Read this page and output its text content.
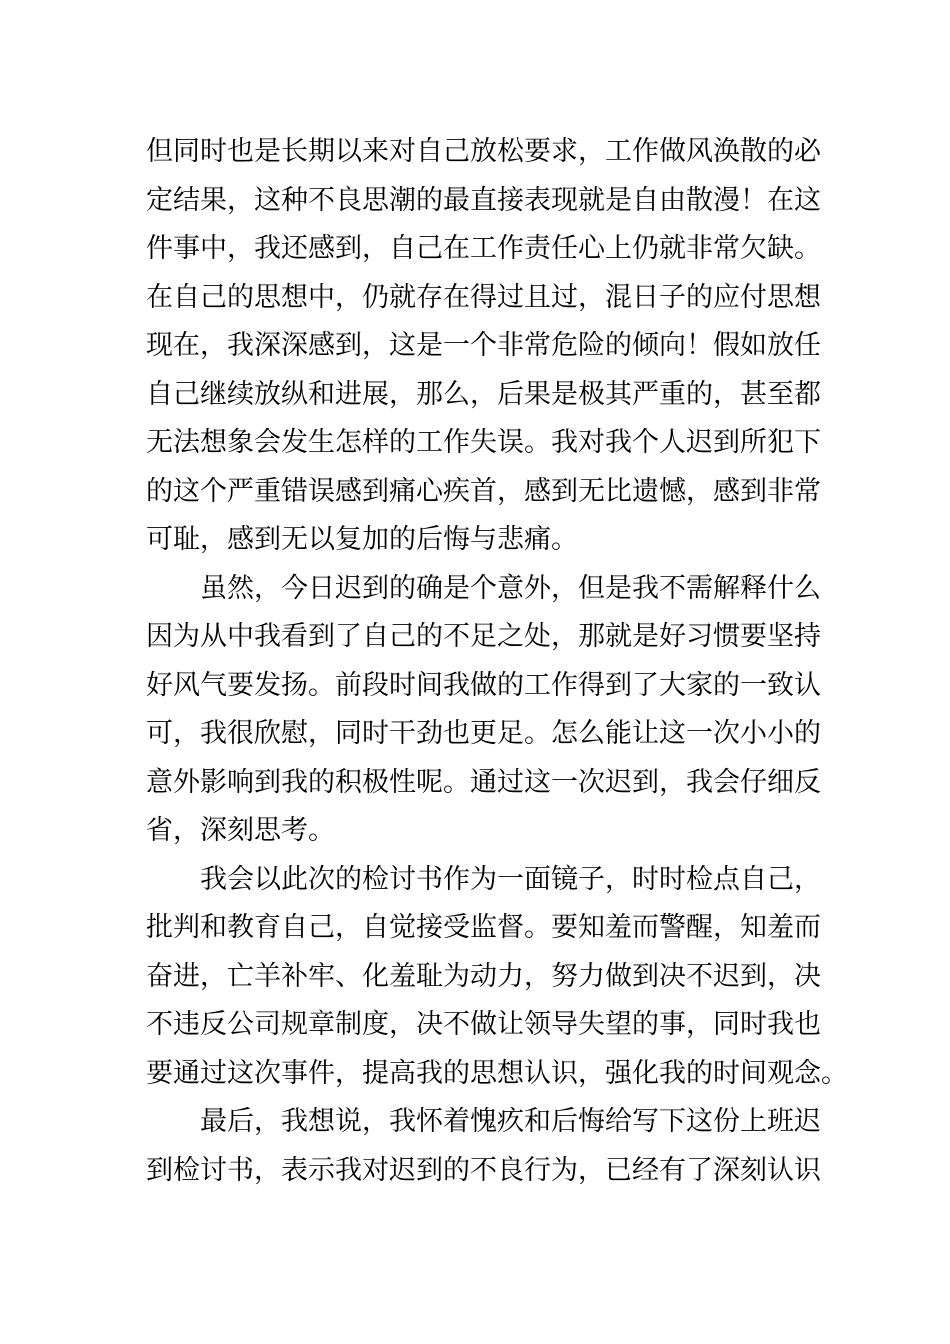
但同时也是长期以来对自己放松要求，工作做风涣散的必
定结果，这种不良思潮的最直接表现就是自由散漫！在这
件事中，我还感到，自己在工作责任心上仍就非常欠缺。
在自己的思想中，仍就存在得过且过，混日子的应付思想
现在，我深深感到，这是一个非常危险的倾向！假如放任
自己继续放纵和进展，那么，后果是极其严重的，甚至都
无法想象会发生怎样的工作失误。我对我个人迟到所犯下
的这个严重错误感到痛心疾首，感到无比遗憾，感到非常
可耻，感到无以复加的后悔与悲痛。
虽然，今日迟到的确是个意外，但是我不需解释什么
因为从中我看到了自己的不足之处，那就是好习惯要坚持
好风气要发扬。前段时间我做的工作得到了大家的一致认
可，我很欣慰，同时干劲也更足。怎么能让这一次小小的
意外影响到我的积极性呢。通过这一次迟到，我会仔细反
省，深刻思考。
我会以此次的检讨书作为一面镜子，时时检点自己，
批判和教育自己，自觉接受监督。要知羞而警醒，知羞而
奋进，亡羊补牢、化羞耻为动力，努力做到决不迟到，决
不违反公司规章制度，决不做让领导失望的事，同时我也
要通过这次事件，提高我的思想认识，强化我的时间观念。
最后，我想说，我怀着愧疚和后悔给写下这份上班迟
到检讨书，表示我对迟到的不良行为，已经有了深刻认识
